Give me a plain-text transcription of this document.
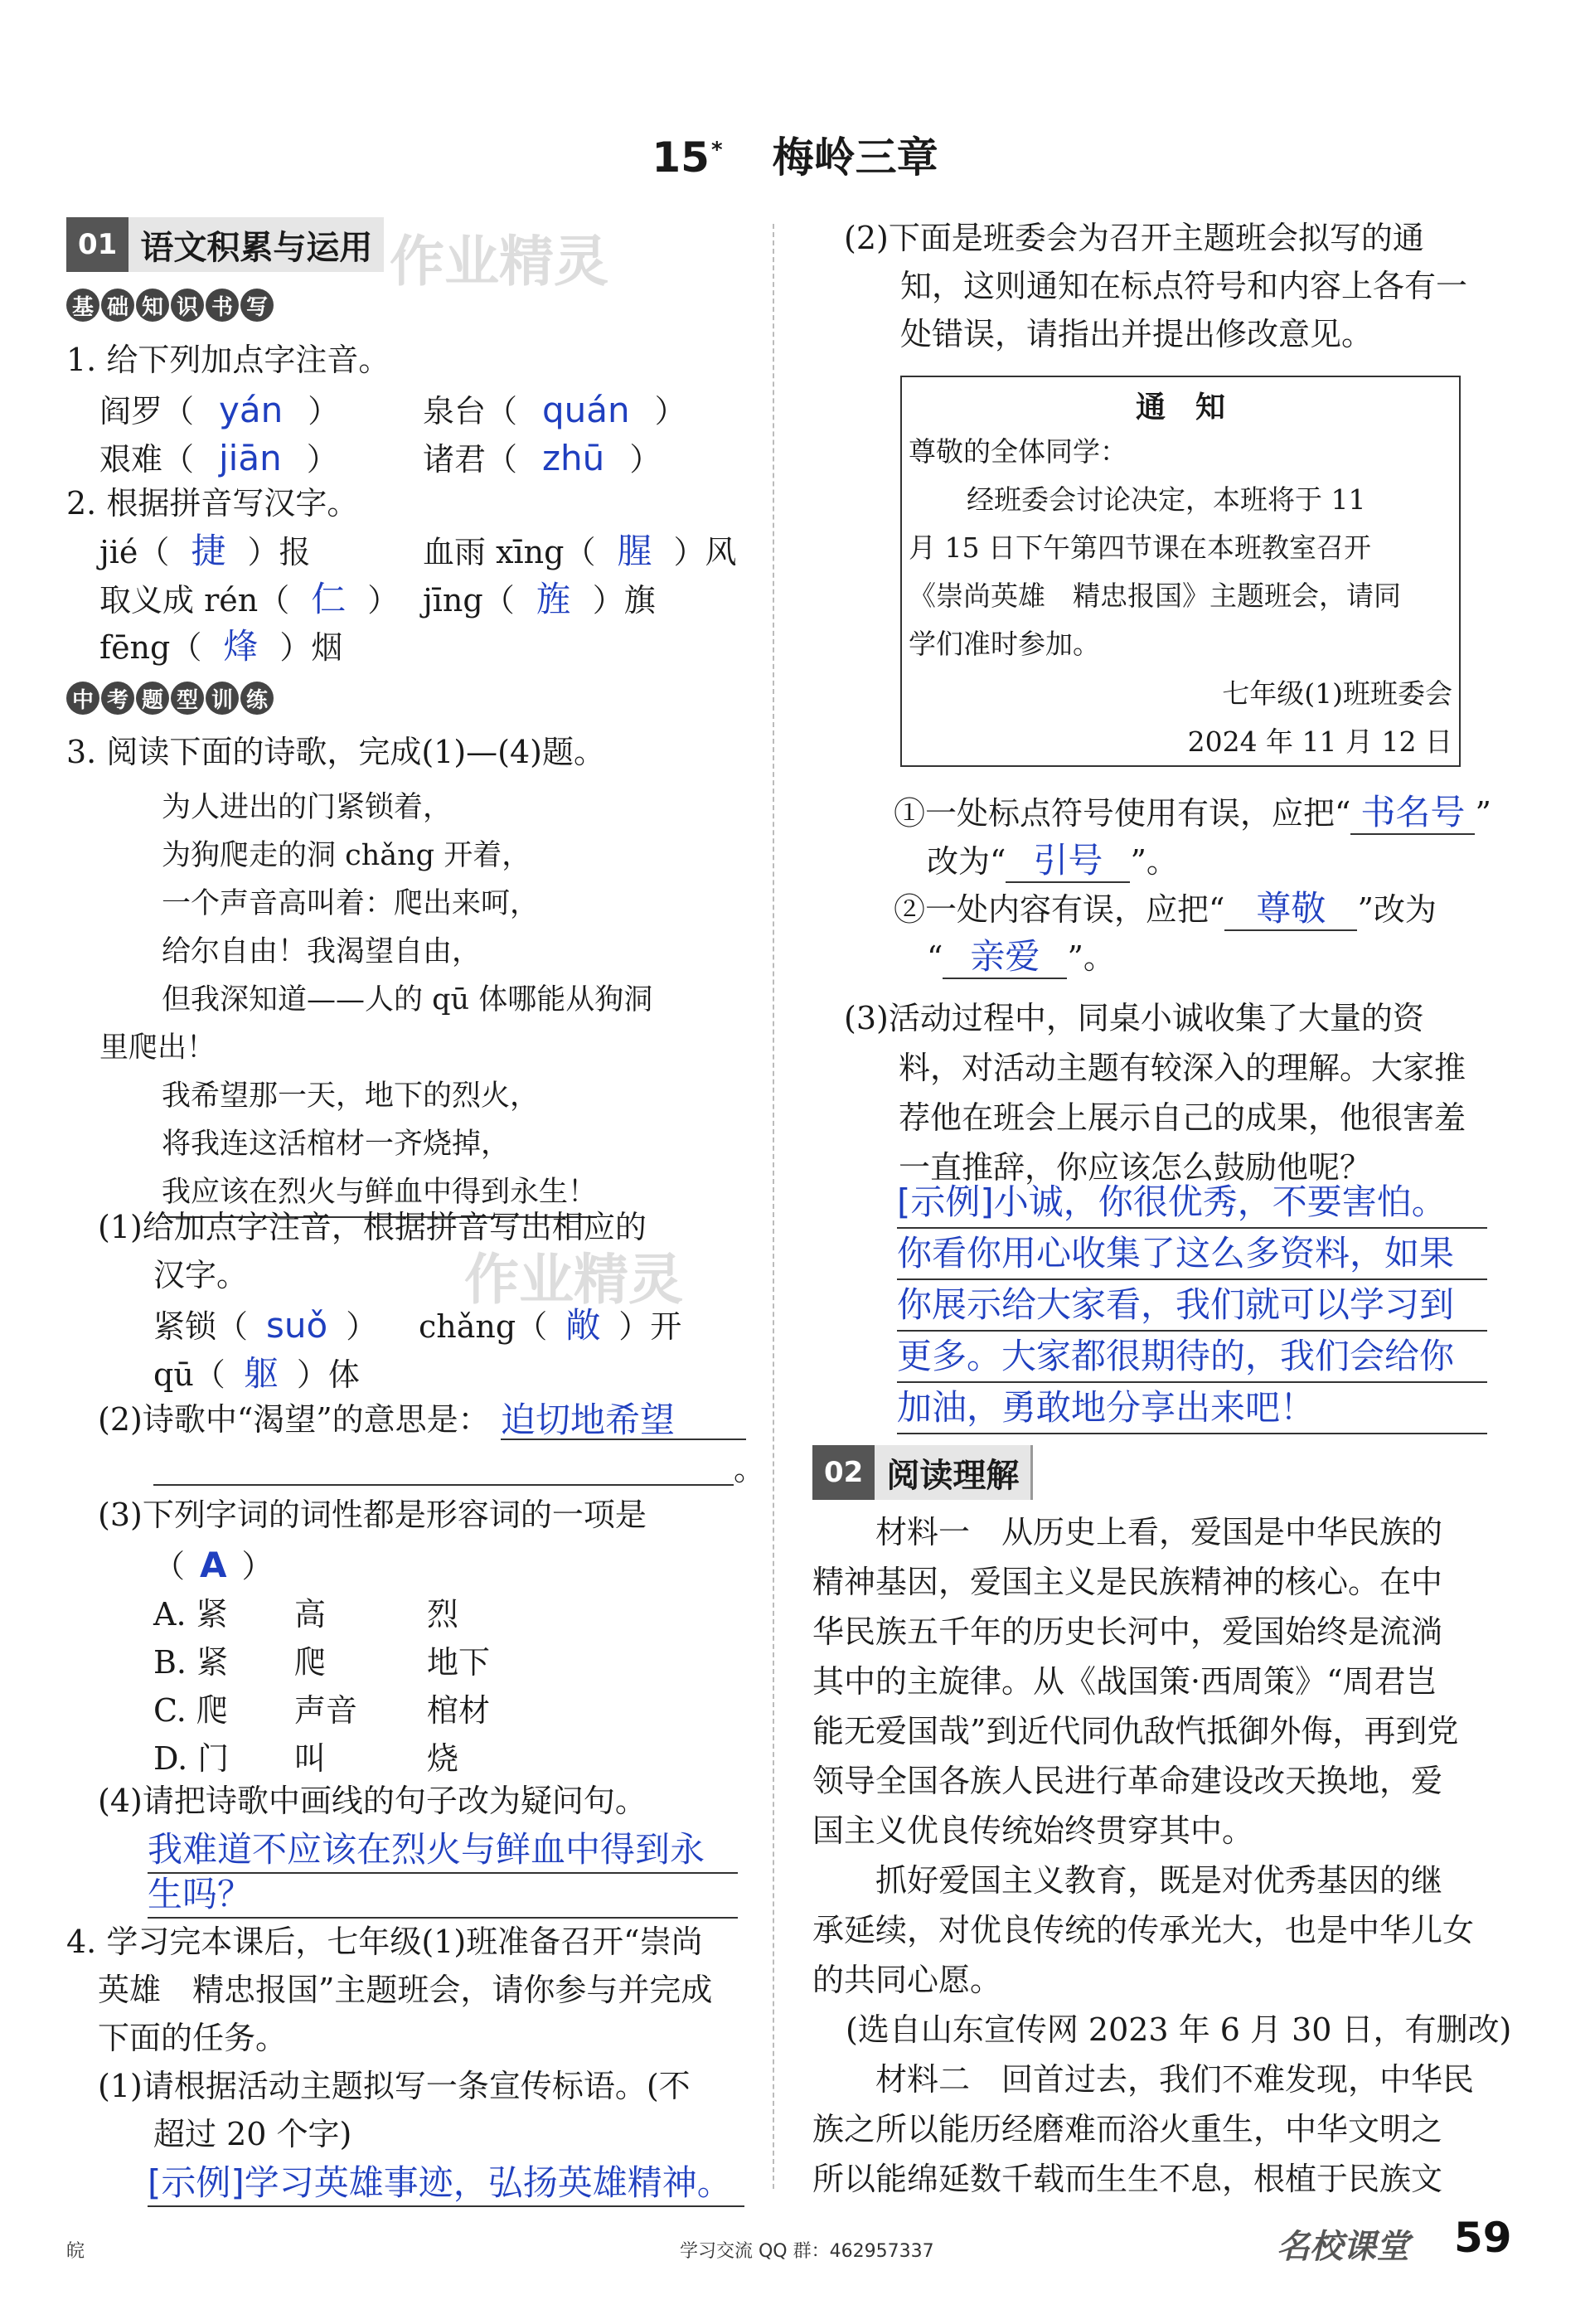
15* 梅岭三章
01 语文积累与运用 作业精灵
基 础 知 识 书 写
1. 给下列加点字注音。
阎罗（ yán ）	泉台（ quán ）
艰难（ jiān ）	诸君（ zhū ）
2. 根据拼音写汉字。
jié（ 捷 ）报	血雨 xīng（ 腥 ）风
取义成 rén（ 仁 ） jīng（ 旌 ）旗
fēng（ 烽 ）烟
中 考 题 型 训 练
3. 阅读下面的诗歌，完成(1)—(4)题。
为人进出的门紧锁着，
为狗爬走的洞 chǎng 开着，
一个声音高叫着：爬出来呵，
给尔自由！我渴望自由，
但我深知道——人的 qū 体哪能从狗洞
里爬出！
我希望那一天，地下的烈火，
将我连这活棺材一齐烧掉，
我应该在烈火与鲜血中得到永生！
(1)给加点字注音，根据拼音写出相应的
汉字。
紧锁（ suǒ ） chǎng（ 敞 ）开
qū（ 躯 ）体
(2)诗歌中“渴望”的意思是： 迫切地希望
。
(3)下列字词的词性都是形容词的一项是
（ A ）
A. 紧 高	烈
B. 紧 爬	地下
C. 爬 声音 棺材
D. 门 叫	烧
(4)请把诗歌中画线的句子改为疑问句。
我难道不应该在烈火与鲜血中得到永
生吗？
4. 学习完本课后，七年级(1)班准备召开“崇尚
英雄　精忠报国”主题班会，请你参与并完成
下面的任务。
(1)请根据活动主题拟写一条宣传标语。(不
超过 20 个字)
[示例]学习英雄事迹，弘扬英雄精神。
(2)下面是班委会为召开主题班会拟写的通
知，这则通知在标点符号和内容上各有一
处错误，请指出并提出修改意见。
通　知
尊敬的全体同学：
经班委会讨论决定，本班将于 11
月 15 日下午第四节课在本班教室召开
《崇尚英雄　精忠报国》主题班会，请同
学们准时参加。
七年级(1)班班委会
2024 年 11 月 12 日
①一处标点符号使用有误，应把“ 书名号 ”
改为“ 引号 ”。
②一处内容有误，应把“ 尊敬 ”改为
“ 亲爱 ”。
(3)活动过程中，同桌小诚收集了大量的资
料，对活动主题有较深入的理解。大家推
荐他在班会上展示自己的成果，他很害羞
一直推辞，你应该怎么鼓励他呢？
[示例]小诚，你很优秀，不要害怕。
你看你用心收集了这么多资料，如果
你展示给大家看，我们就可以学习到
更多。大家都很期待的，我们会给你
加油，勇敢地分享出来吧！
作业精灵
02 阅读理解
材料一　从历史上看，爱国是中华民族的
精神基因，爱国主义是民族精神的核心。在中
华民族五千年的历史长河中，爱国始终是流淌
其中的主旋律。从《战国策·西周策》“周君岂
能无爱国哉”到近代同仇敌忾抵御外侮，再到党
领导全国各族人民进行革命建设改天换地，爱
国主义优良传统始终贯穿其中。
　抓好爱国主义教育，既是对优秀基因的继
承延续，对优良传统的传承光大，也是中华儿女
的共同心愿。
(选自山东宣传网 2023 年 6 月 30 日，有删改)
材料二　回首过去，我们不难发现，中华民
族之所以能历经磨难而浴火重生，中华文明之
所以能绵延数千载而生生不息，根植于民族文
皖	学习交流 QQ 群：462957337	名校课堂 59
